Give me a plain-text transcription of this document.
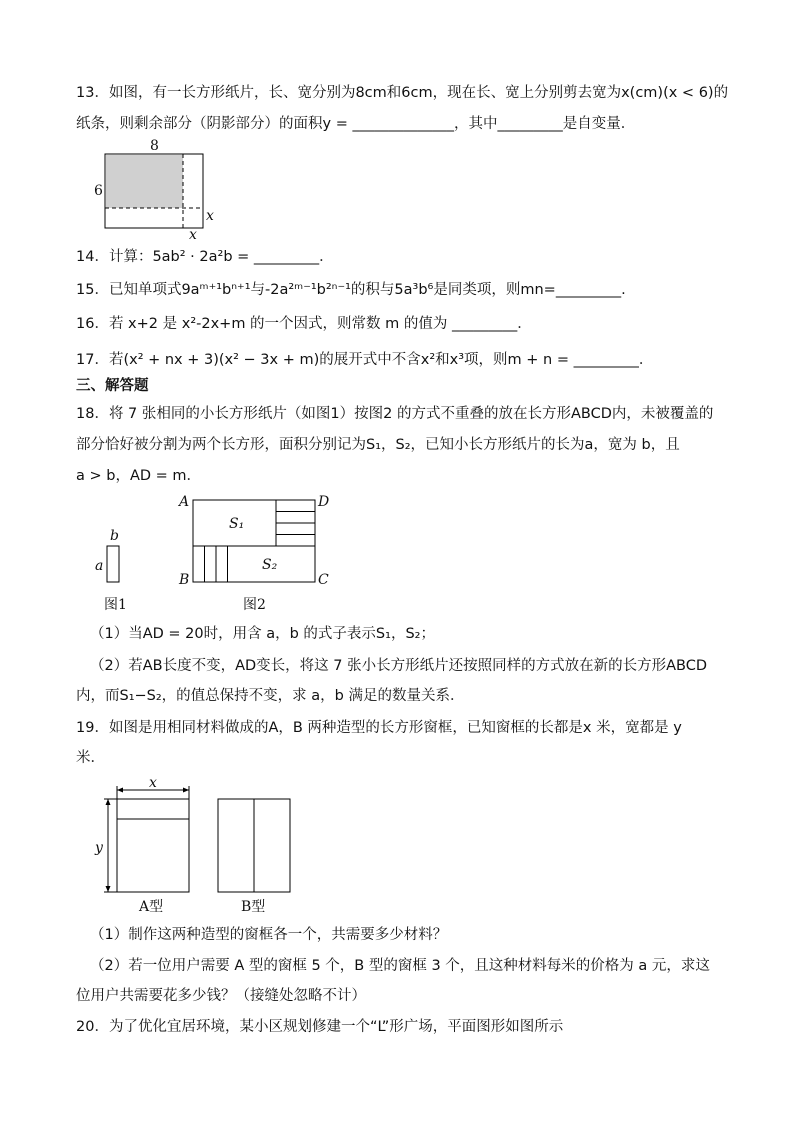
13．如图，有一长方形纸片，长、宽分别为8cm和6cm，现在长、宽上分别剪去宽为x(cm)(x < 6)的
纸条，则剩余部分（阴影部分）的面积y = ______________，其中_________是自变量．
8
6
x
x
14．计算：5ab² · 2a²b = _________．
15．已知单项式9aᵐ⁺¹bⁿ⁺¹与-2a²ᵐ⁻¹b²ⁿ⁻¹的积与5a³b⁶是同类项，则mn=_________.
16．若 x+2 是 x²-2x+m 的一个因式，则常数 m 的值为 _________．
17．若(x² + nx + 3)(x² − 3x + m)的展开式中不含x²和x³项，则m + n = _________．
三、解答题
18．将 7 张相同的小长方形纸片（如图1）按图2 的方式不重叠的放在长方形ABCD内，未被覆盖的
部分恰好被分割为两个长方形，面积分别记为S₁，S₂，已知小长方形纸片的长为a，宽为 b，且
a > b，AD = m．
b
a
A	D
B	C
S₁
S₂
图1	图2
（1）当AD = 20时，用含 a，b 的式子表示S₁，S₂；
（2）若AB长度不变，AD变长，将这 7 张小长方形纸片还按照同样的方式放在新的长方形ABCD
内，而S₁−S₂，的值总保持不变，求 a，b 满足的数量关系．
19．如图是用相同材料做成的A，B 两种造型的长方形窗框，已知窗框的长都是x 米，宽都是 y
米．
x
y
A型	B型
（1）制作这两种造型的窗框各一个，共需要多少材料？
（2）若一位用户需要 A 型的窗框 5 个，B 型的窗框 3 个，且这种材料每米的价格为 a 元，求这
位用户共需要花多少钱？（接缝处忽略不计）
20．为了优化宜居环境，某小区规划修建一个“L”形广场，平面图形如图所示
